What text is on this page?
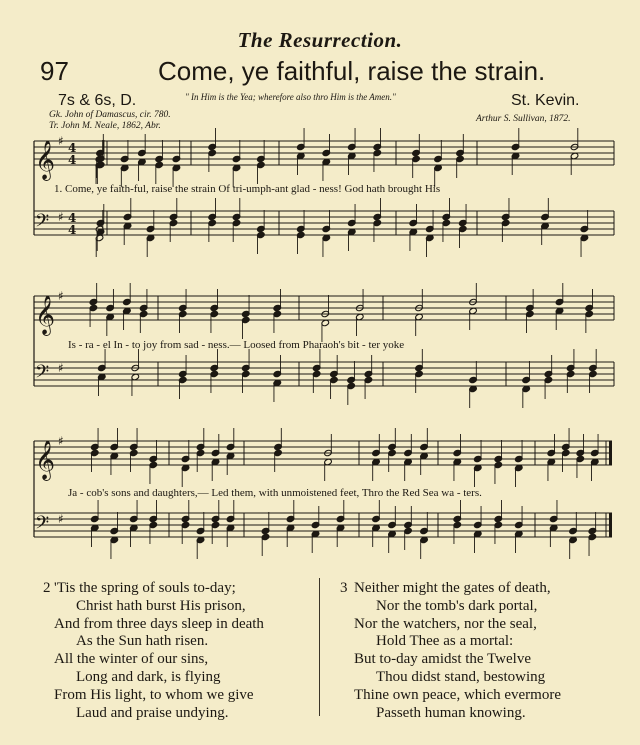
The Resurrection.
97	Come, ye faithful, raise the strain.
7s & 6s, D.	" In Him is the Yea; wherefore also thro Him is the Amen."	St. Kevin.
Gk. John of Damascus, cir. 780.
Tr. John M. Neale, 1862, Abr.
Arthur S. Sullivan, 1872.
𝄞 ♯ 4
4
𝄢 ♯ 4
4
𝄞 ♯
𝄢 ♯
𝄞 ♯
𝄢 ♯
1. Come, ye faith-ful, raise the strain Of tri-umph-ant glad - ness! God hath brought His
Is - ra - el In - to joy from sad - ness.— Loosed from Pharaoh's bit - ter yoke
Ja - cob's sons and daughters,— Led them, with unmoistened feet, Thro the Red Sea wa - ters.
2 'Tis the spring of souls to-day;
Christ hath burst His prison,
And from three days sleep in death
As the Sun hath risen.
All the winter of our sins,
Long and dark, is flying
From His light, to whom we give
Laud and praise undying.
3 Neither might the gates of death,
Nor the tomb's dark portal,
Nor the watchers, nor the seal,
Hold Thee as a mortal:
But to-day amidst the Twelve
Thou didst stand, bestowing
Thine own peace, which evermore
Passeth human knowing.
